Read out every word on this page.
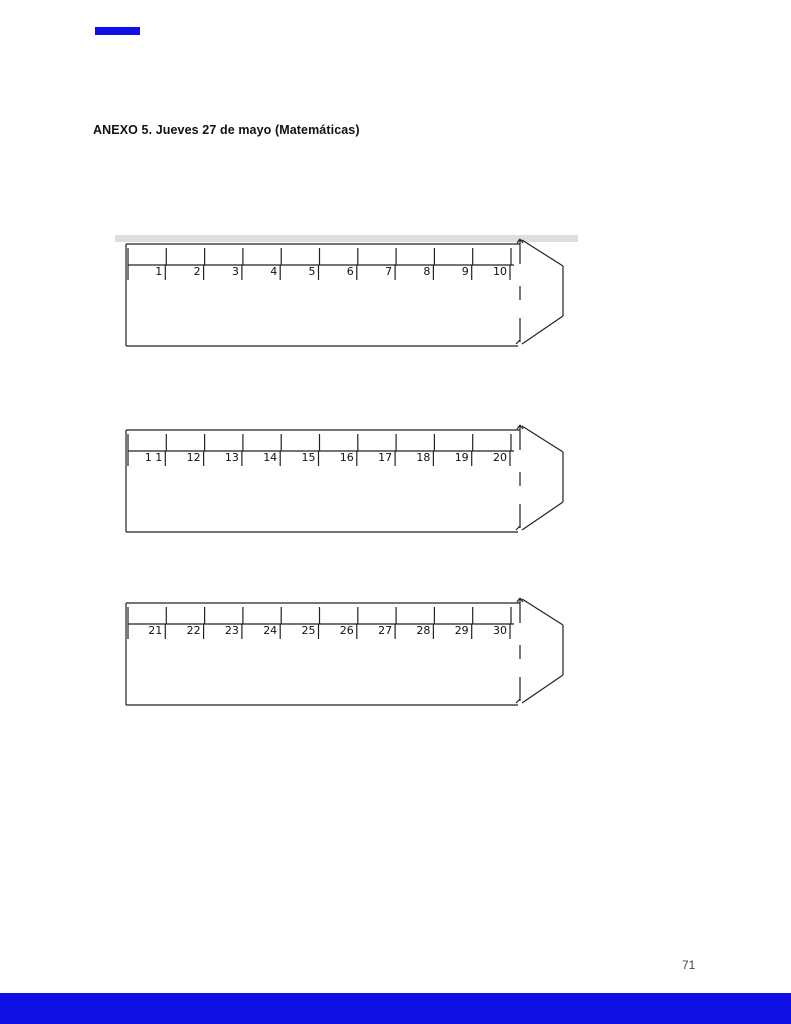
ANEXO 5. Jueves 27 de mayo (Matemáticas)
1	2	3	4	5	6	7	8	9	10
1 1	12	13	14	15	16	17	18	19	20
21	22	23	24	25	26	27	28	29	30
71
